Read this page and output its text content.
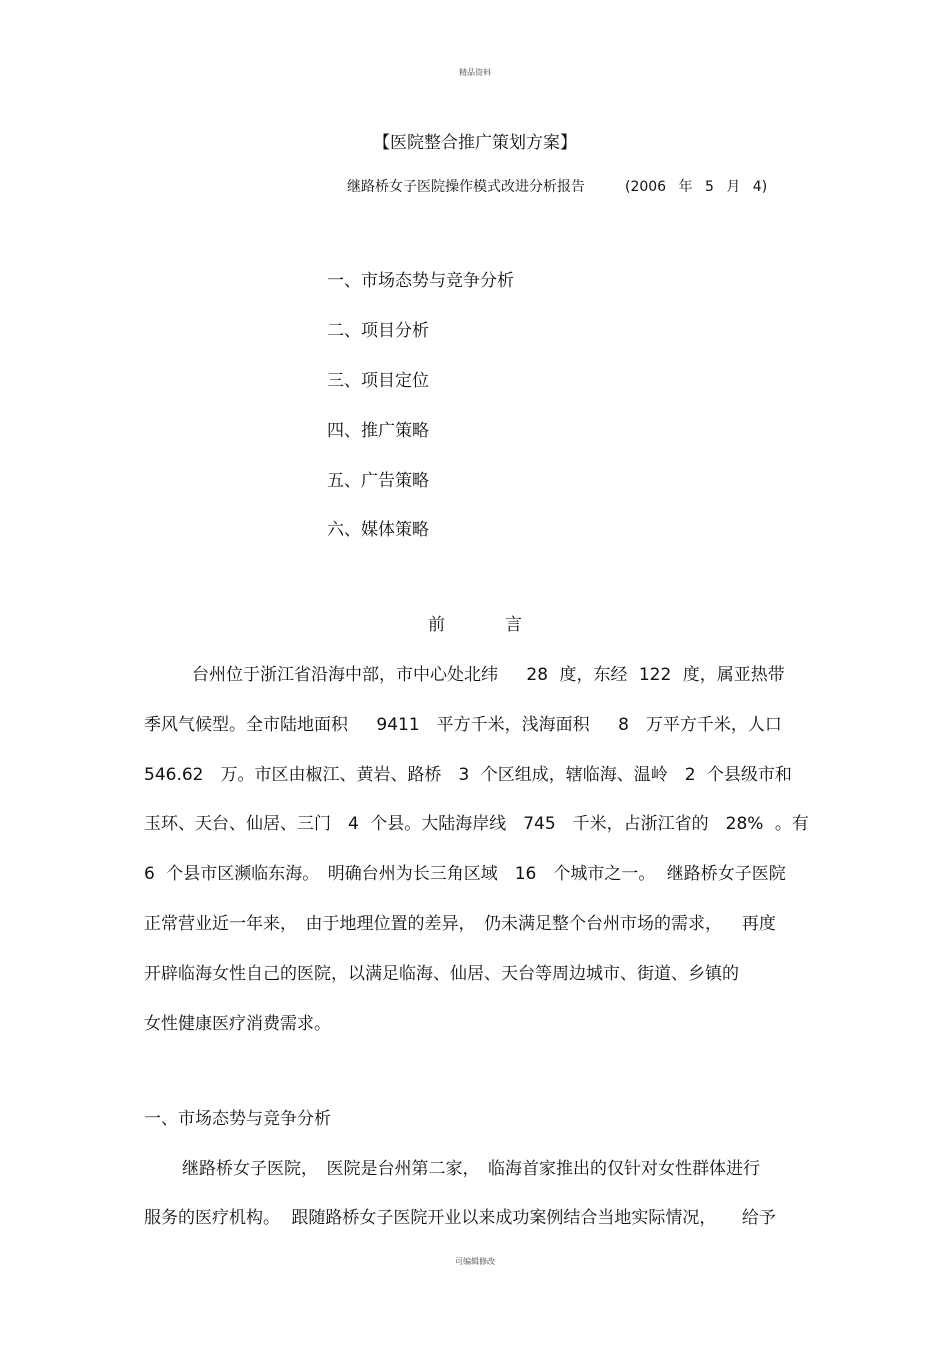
精品资料
【医院整合推广策划方案】
继路桥女子医院操作模式改进分析报告	(2006 年 5 月 4)
一、市场态势与竞争分析
二、项目分析
三、项目定位
四、推广策略
五、广告策略
六、媒体策略
前	言
台州位于浙江省沿海中部，市中心处北纬　 28 度，东经 122 度，属亚热带
季风气候型。全市陆地面积　 9411　平方千米，浅海面积　 8　万平方千米，人口
546.62　万。市区由椒江、黄岩、路桥　3 个区组成，辖临海、温岭　2 个县级市和
玉环、天台、仙居、三门　4 个县。大陆海岸线　745　千米，占浙江省的　28% 。有
6 个县市区濒临东海。　明确台州为长三角区域　16　个城市之一。 继路桥女子医院
正常营业近一年来，　由于地理位置的差异，　仍未满足整个台州市场的需求，　 再度
开辟临海女性自己的医院，以满足临海、仙居、天台等周边城市、街道、乡镇的
女性健康医疗消费需求。
一、市场态势与竞争分析
继路桥女子医院，　医院是台州第二家，　临海首家推出的仅针对女性群体进行
服务的医疗机构。 跟随路桥女子医院开业以来成功案例结合当地实际情况，　　给予
可编辑修改
